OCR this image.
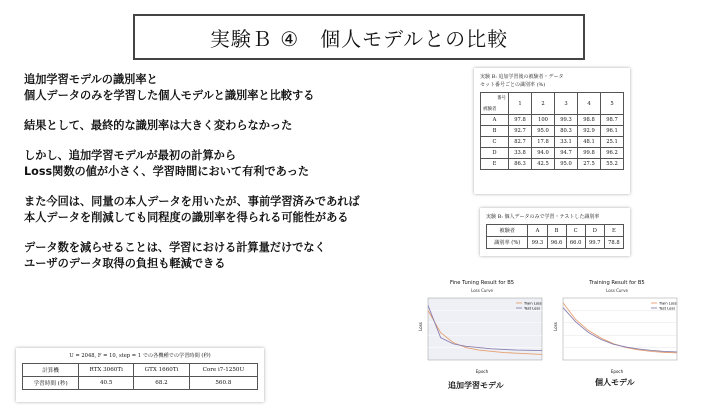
実験Ｂ ④　個人モデルとの比較
追加学習モデルの識別率と
個人データのみを学習した個人モデルと識別率と比較する
結果として、最終的な識別率は大きく変わらなかった
しかし、追加学習モデルが最初の計算から
Loss関数の値が小さく、学習時間において有利であった
また今回は、同量の本人データを用いたが、事前学習済みであれば
本人データを削減しても同程度の識別率を得られる可能性がある
データ数を減らせることは、学習における計算量だけでなく
ユーザのデータ取得の負担も軽減できる
実験 B: 追加学習後の被験者・データ
セット番号ごとの識別率 (%)
番号
被験者	1	2	3	4	5
A	97.8	100	99.3	98.8	98.7
B	92.7	95.0	80.3	92.9	96.1
C	82.7	17.8	33.1	48.1	25.1
D	33.8	94.0	94.7	99.8	96.2
E	86.3	42.5	95.0	27.5	55.2
実験 B: 個人データのみで学習・テストした識別率
被験者	A	B	C	D	E
識別率 (%)	99.3	96.6	66.0	99.7	78.8
U = 2048, F = 10, step = 1 での各機種での学習時間 (秒)
計算機	RTX 3060Ti	GTX 1660Ti	Core i7-1250U
学習時間 (秒)	40.5	68.2	560.8
Fine Tuning Result for B5
Loss Curve
Loss
Epoch
Train Loss
Test Loss
Training Result for B5
Loss Curve
Loss
Epoch
Train Loss
Test Loss
追加学習モデル	個人モデル
